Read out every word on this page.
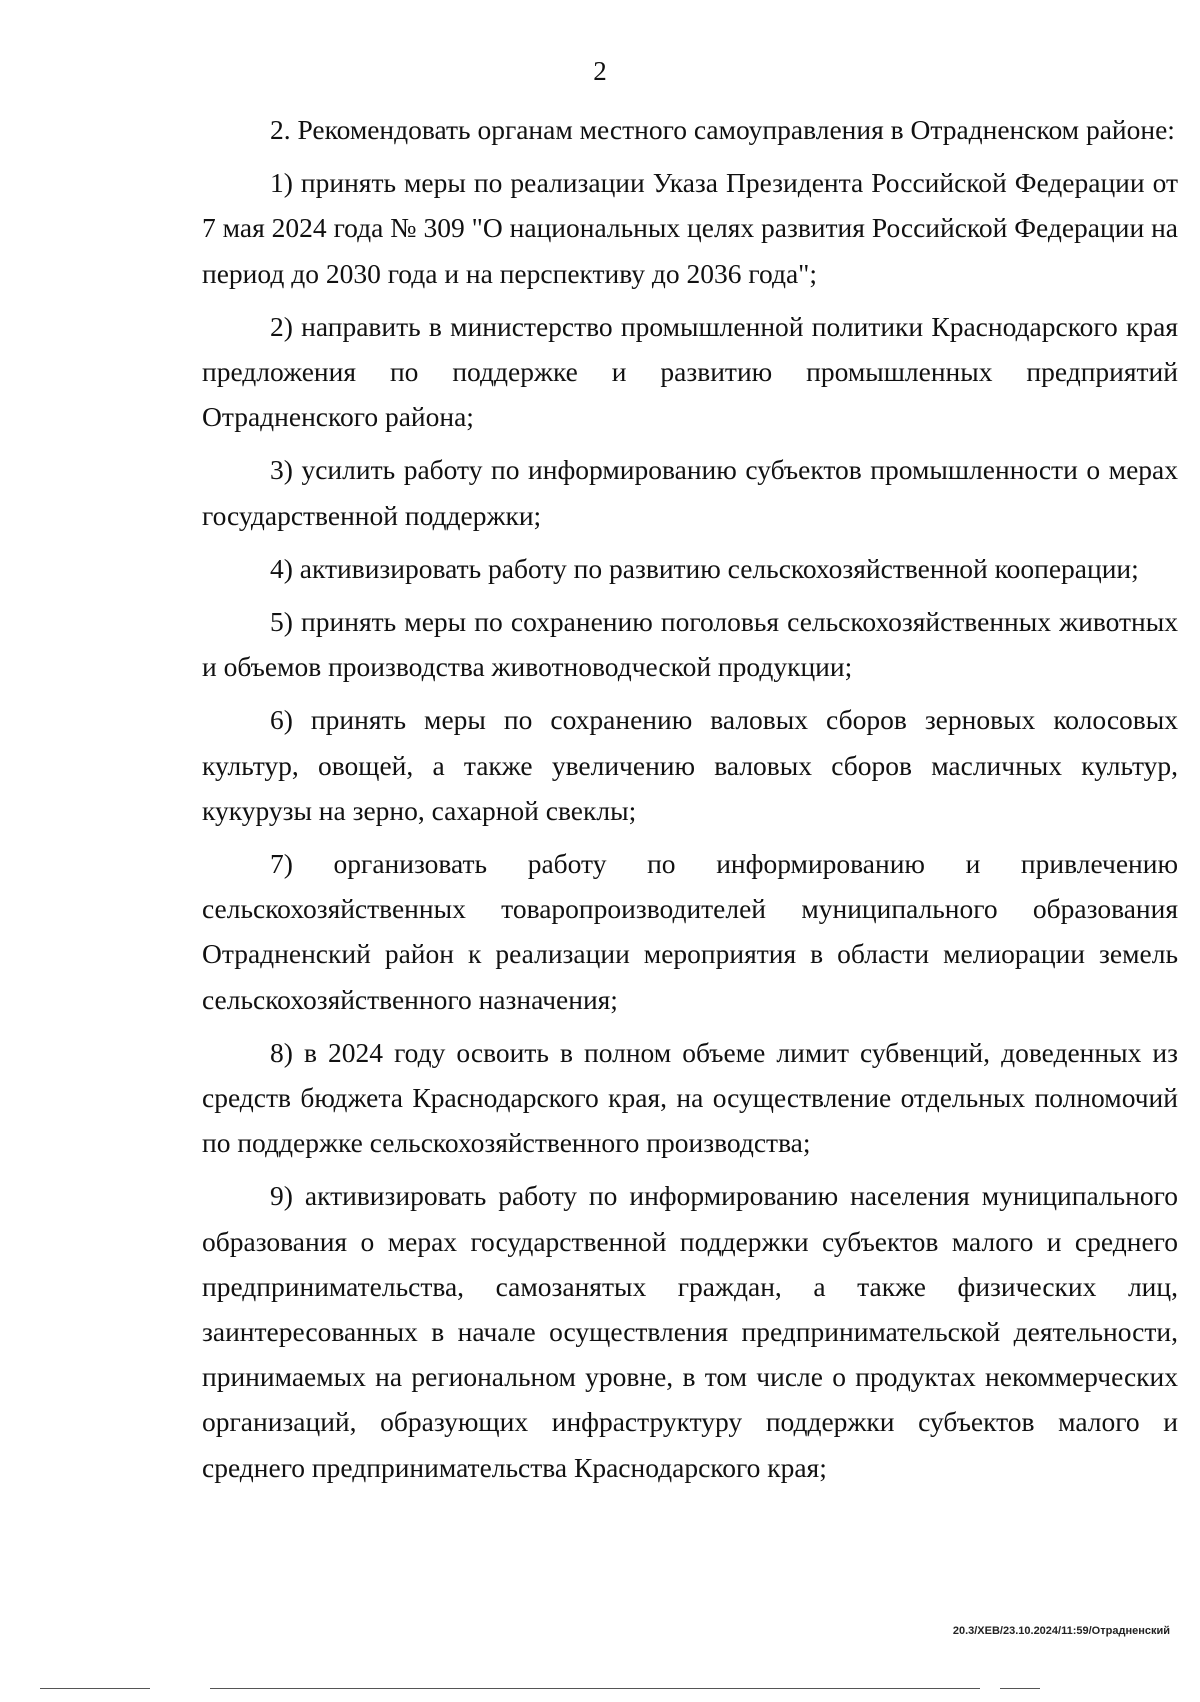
2

2. Рекомендовать органам местного самоуправления в Отрадненском районе:

1) принять меры по реализации Указа Президента Российской Федерации от 7 мая 2024 года № 309 "О национальных целях развития Российской Федерации на период до 2030 года и на перспективу до 2036 года";

2) направить в министерство промышленной политики Краснодарского края предложения по поддержке и развитию промышленных предприятий Отрадненского района;

3) усилить работу по информированию субъектов промышленности о мерах государственной поддержки;

4) активизировать работу по развитию сельскохозяйственной кооперации;

5) принять меры по сохранению поголовья сельскохозяйственных животных и объемов производства животноводческой продукции;

6) принять меры по сохранению валовых сборов зерновых колосовых культур, овощей, а также увеличению валовых сборов масличных культур, кукурузы на зерно, сахарной свеклы;

7) организовать работу по информированию и привлечению сельскохозяйственных товаропроизводителей муниципального образования Отрадненский район к реализации мероприятия в области мелиорации земель сельскохозяйственного назначения;

8) в 2024 году освоить в полном объеме лимит субвенций, доведенных из средств бюджета Краснодарского края, на осуществление отдельных полномочий по поддержке сельскохозяйственного производства;

9) активизировать работу по информированию населения муниципального образования о мерах государственной поддержки субъектов малого и среднего предпринимательства, самозанятых граждан, а также физических лиц, заинтересованных в начале осуществления предпринимательской деятельности, принимаемых на региональном уровне, в том числе о продуктах некоммерческих организаций, образующих инфраструктуру поддержки субъектов малого и среднего предпринимательства Краснодарского края;

20.3/ХЕВ/23.10.2024/11:59/Отрадненский
